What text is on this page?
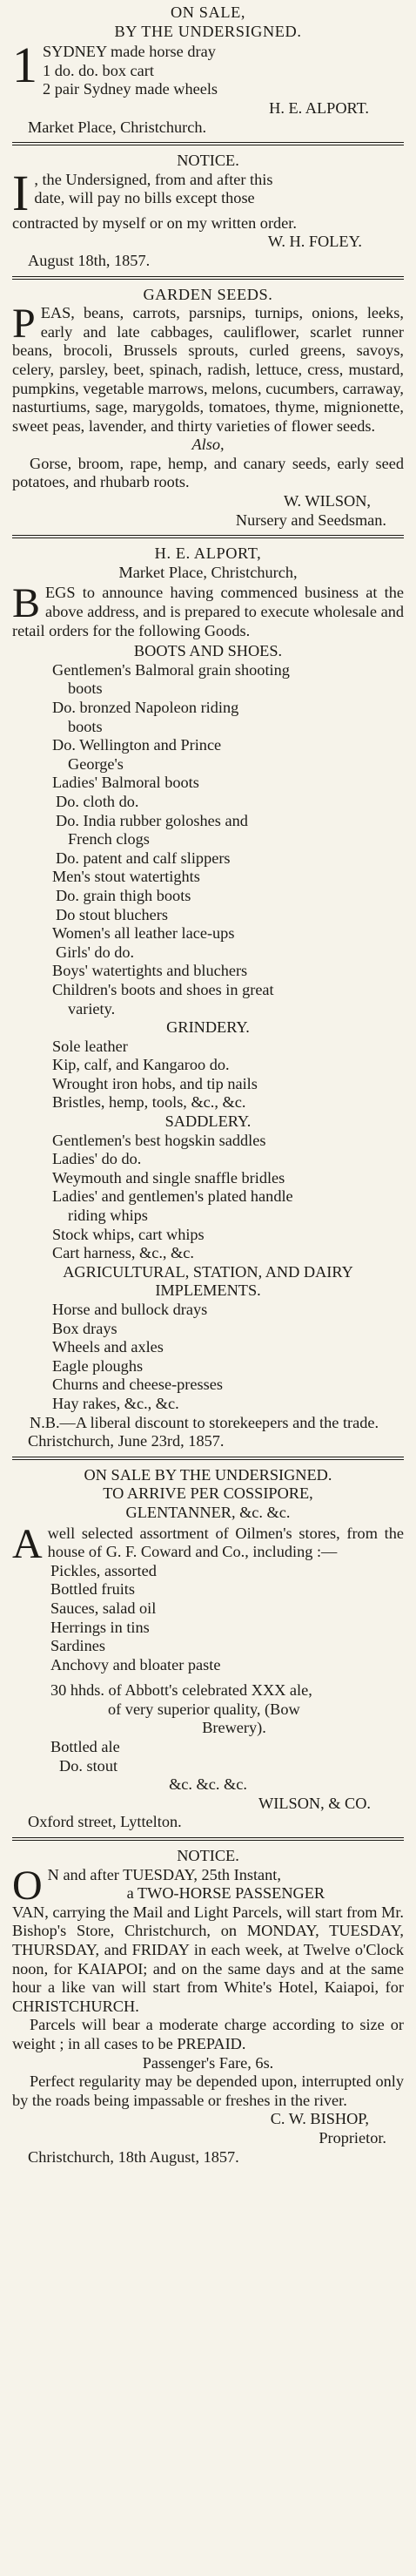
ON SALE,

BY THE UNDERSIGNED.

1 SYDNEY made horse dray

1 do. do. box cart

2 pair Sydney made wheels

H. E. ALPORT.

Market Place, Christchurch.

NOTICE.

I , the Undersigned, from and after this

date, will pay no bills except those

contracted by myself or on my written order.

W. H. FOLEY.

August 18th, 1857.

GARDEN SEEDS.

P EAS, beans, carrots, parsnips, turnips, onions, leeks, early and late cabbages, cauliflower, scarlet runner beans, brocoli, Brussels sprouts, curled greens, savoys, celery, parsley, beet, spinach, radish, lettuce, cress, mustard, pumpkins, vegetable marrows, melons, cucumbers, carraway, nasturtiums, sage, marygolds, tomatoes, thyme, mignionette, sweet peas, lavender, and thirty varieties of flower seeds.

Also,

Gorse, broom, rape, hemp, and canary seeds, early seed potatoes, and rhubarb roots.

W. WILSON,

Nursery and Seedsman.

H. E. ALPORT,

Market Place, Christchurch,

B EGS to announce having commenced business at the above address, and is prepared to execute wholesale and retail orders for the following Goods.

BOOTS AND SHOES.

Gentlemen's Balmoral grain shooting

boots

Do. bronzed Napoleon riding

boots

Do. Wellington and Prince

George's

Ladies' Balmoral boots

Do. cloth do.

Do. India rubber goloshes and

French clogs

Do. patent and calf slippers

Men's stout watertights

Do. grain thigh boots

Do stout bluchers

Women's all leather lace-ups

Girls' do do.

Boys' watertights and bluchers

Children's boots and shoes in great

variety.

GRINDERY.

Sole leather

Kip, calf, and Kangaroo do.

Wrought iron hobs, and tip nails

Bristles, hemp, tools, &c., &c.

SADDLERY.

Gentlemen's best hogskin saddles

Ladies' do do.

Weymouth and single snaffle bridles

Ladies' and gentlemen's plated handle

riding whips

Stock whips, cart whips

Cart harness, &c., &c.

AGRICULTURAL, STATION, AND DAIRY

IMPLEMENTS.

Horse and bullock drays

Box drays

Wheels and axles

Eagle ploughs

Churns and cheese-presses

Hay rakes, &c., &c.

N.B.—A liberal discount to storekeepers and the trade.

Christchurch, June 23rd, 1857.

ON SALE BY THE UNDERSIGNED.

TO ARRIVE PER COSSIPORE,

GLENTANNER, &c. &c.

A well selected assortment of Oilmen's stores, from the house of G. F. Coward and Co., including :—

Pickles, assorted

Bottled fruits

Sauces, salad oil

Herrings in tins

Sardines

Anchovy and bloater paste

30 hhds. of Abbott's celebrated XXX ale,

of very superior quality, (Bow

Brewery).

Bottled ale

Do. stout

&c. &c. &c.

WILSON, & CO.

Oxford street, Lyttelton.

NOTICE.

O N and after TUESDAY, 25th Instant,

a TWO-HORSE PASSENGER

VAN, carrying the Mail and Light Parcels, will start from Mr. Bishop's Store, Christchurch, on MONDAY, TUESDAY, THURSDAY, and FRIDAY in each week, at Twelve o'Clock noon, for KAIAPOI; and on the same days and at the same hour a like van will start from White's Hotel, Kaiapoi, for CHRISTCHURCH.

Parcels will bear a moderate charge according to size or weight ; in all cases to be PREPAID.

Passenger's Fare, 6s.

Perfect regularity may be depended upon, interrupted only by the roads being impassable or freshes in the river.

C. W. BISHOP,

Proprietor.

Christchurch, 18th August, 1857.
